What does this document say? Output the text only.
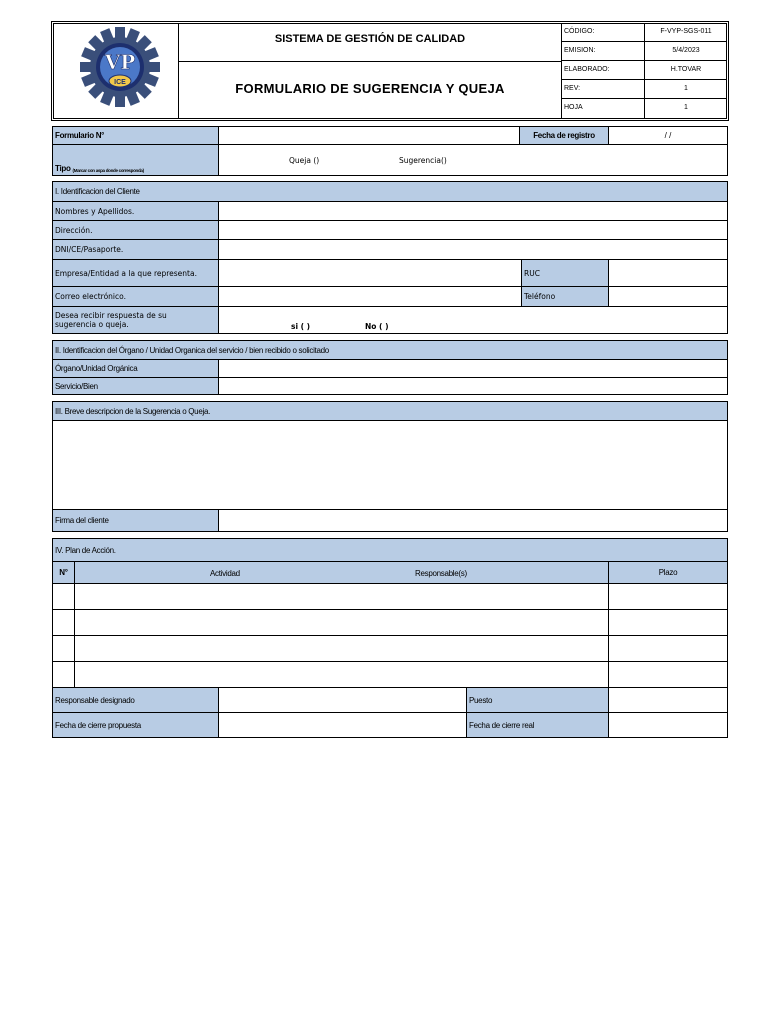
VP
ICE
SISTEMA DE GESTIÓN DE CALIDAD
FORMULARIO DE SUGERENCIA Y QUEJA
CÓDIGO:	F-VYP-SGS-011
EMISION:	5/4/2023
ELABORADO:	H.TOVAR
REV:	1
HOJA	1
Formulario N°	Fecha de registro	/ /
Tipo (Marcar con aspa donde corresponda)
Queja ()	Sugerencia()
I. Identificacion del Cliente
Nombres y Apellidos.
Dirección.
DNI/CE/Pasaporte.
Empresa/Entidad a la que representa.	RUC
Correo electrónico.	Teléfono
Desea recibir respuesta de su
sugerencia o queja.	si ( )	No ( )
II. Identificacion del Órgano / Unidad Organica del servicio / bien recibido o solicitado
Órgano/Unidad Orgánica
Servicio/Bien
III. Breve descripcion de la Sugerencia o Queja.
Firma del cliente
IV. Plan de Acción.
N°	Actividad	Responsable(s)	Plazo
Responsable designado	Puesto
Fecha de cierre propuesta	Fecha de cierre real
